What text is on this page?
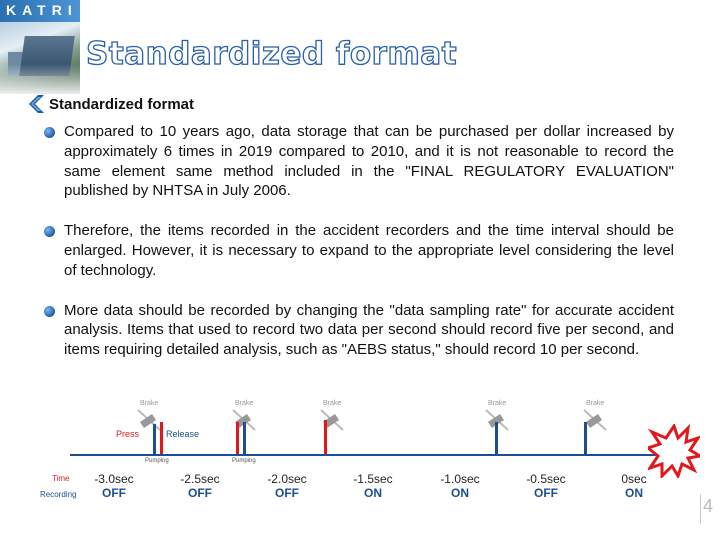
KATRI
Standardized format
Standardized format
Compared to 10 years ago, data storage that can be purchased per dollar increased by approximately 6 times in 2019 compared to 2010, and it is not reasonable to record the same element same method included in the "FINAL REGULATORY EVALUATION" published by NHTSA in July 2006.
Therefore, the items recorded in the accident recorders and the time interval should be enlarged. However, it is necessary to expand to the appropriate level considering the level of technology.
More data should be recorded by changing the "data sampling rate" for accurate accident analysis. Items that used to record two data per second should record five per second, and items requiring detailed analysis, such as "AEBS status," should record 10 per second.
Brake	Brake	Brake	Brake	Brake
Press	Release
Pumping	Pumping
Time
Recording
-3.0sec
OFF
-2.5sec
OFF
-2.0sec
OFF
-1.5sec
ON
-1.0sec
ON
-0.5sec
OFF
0sec
ON
4
